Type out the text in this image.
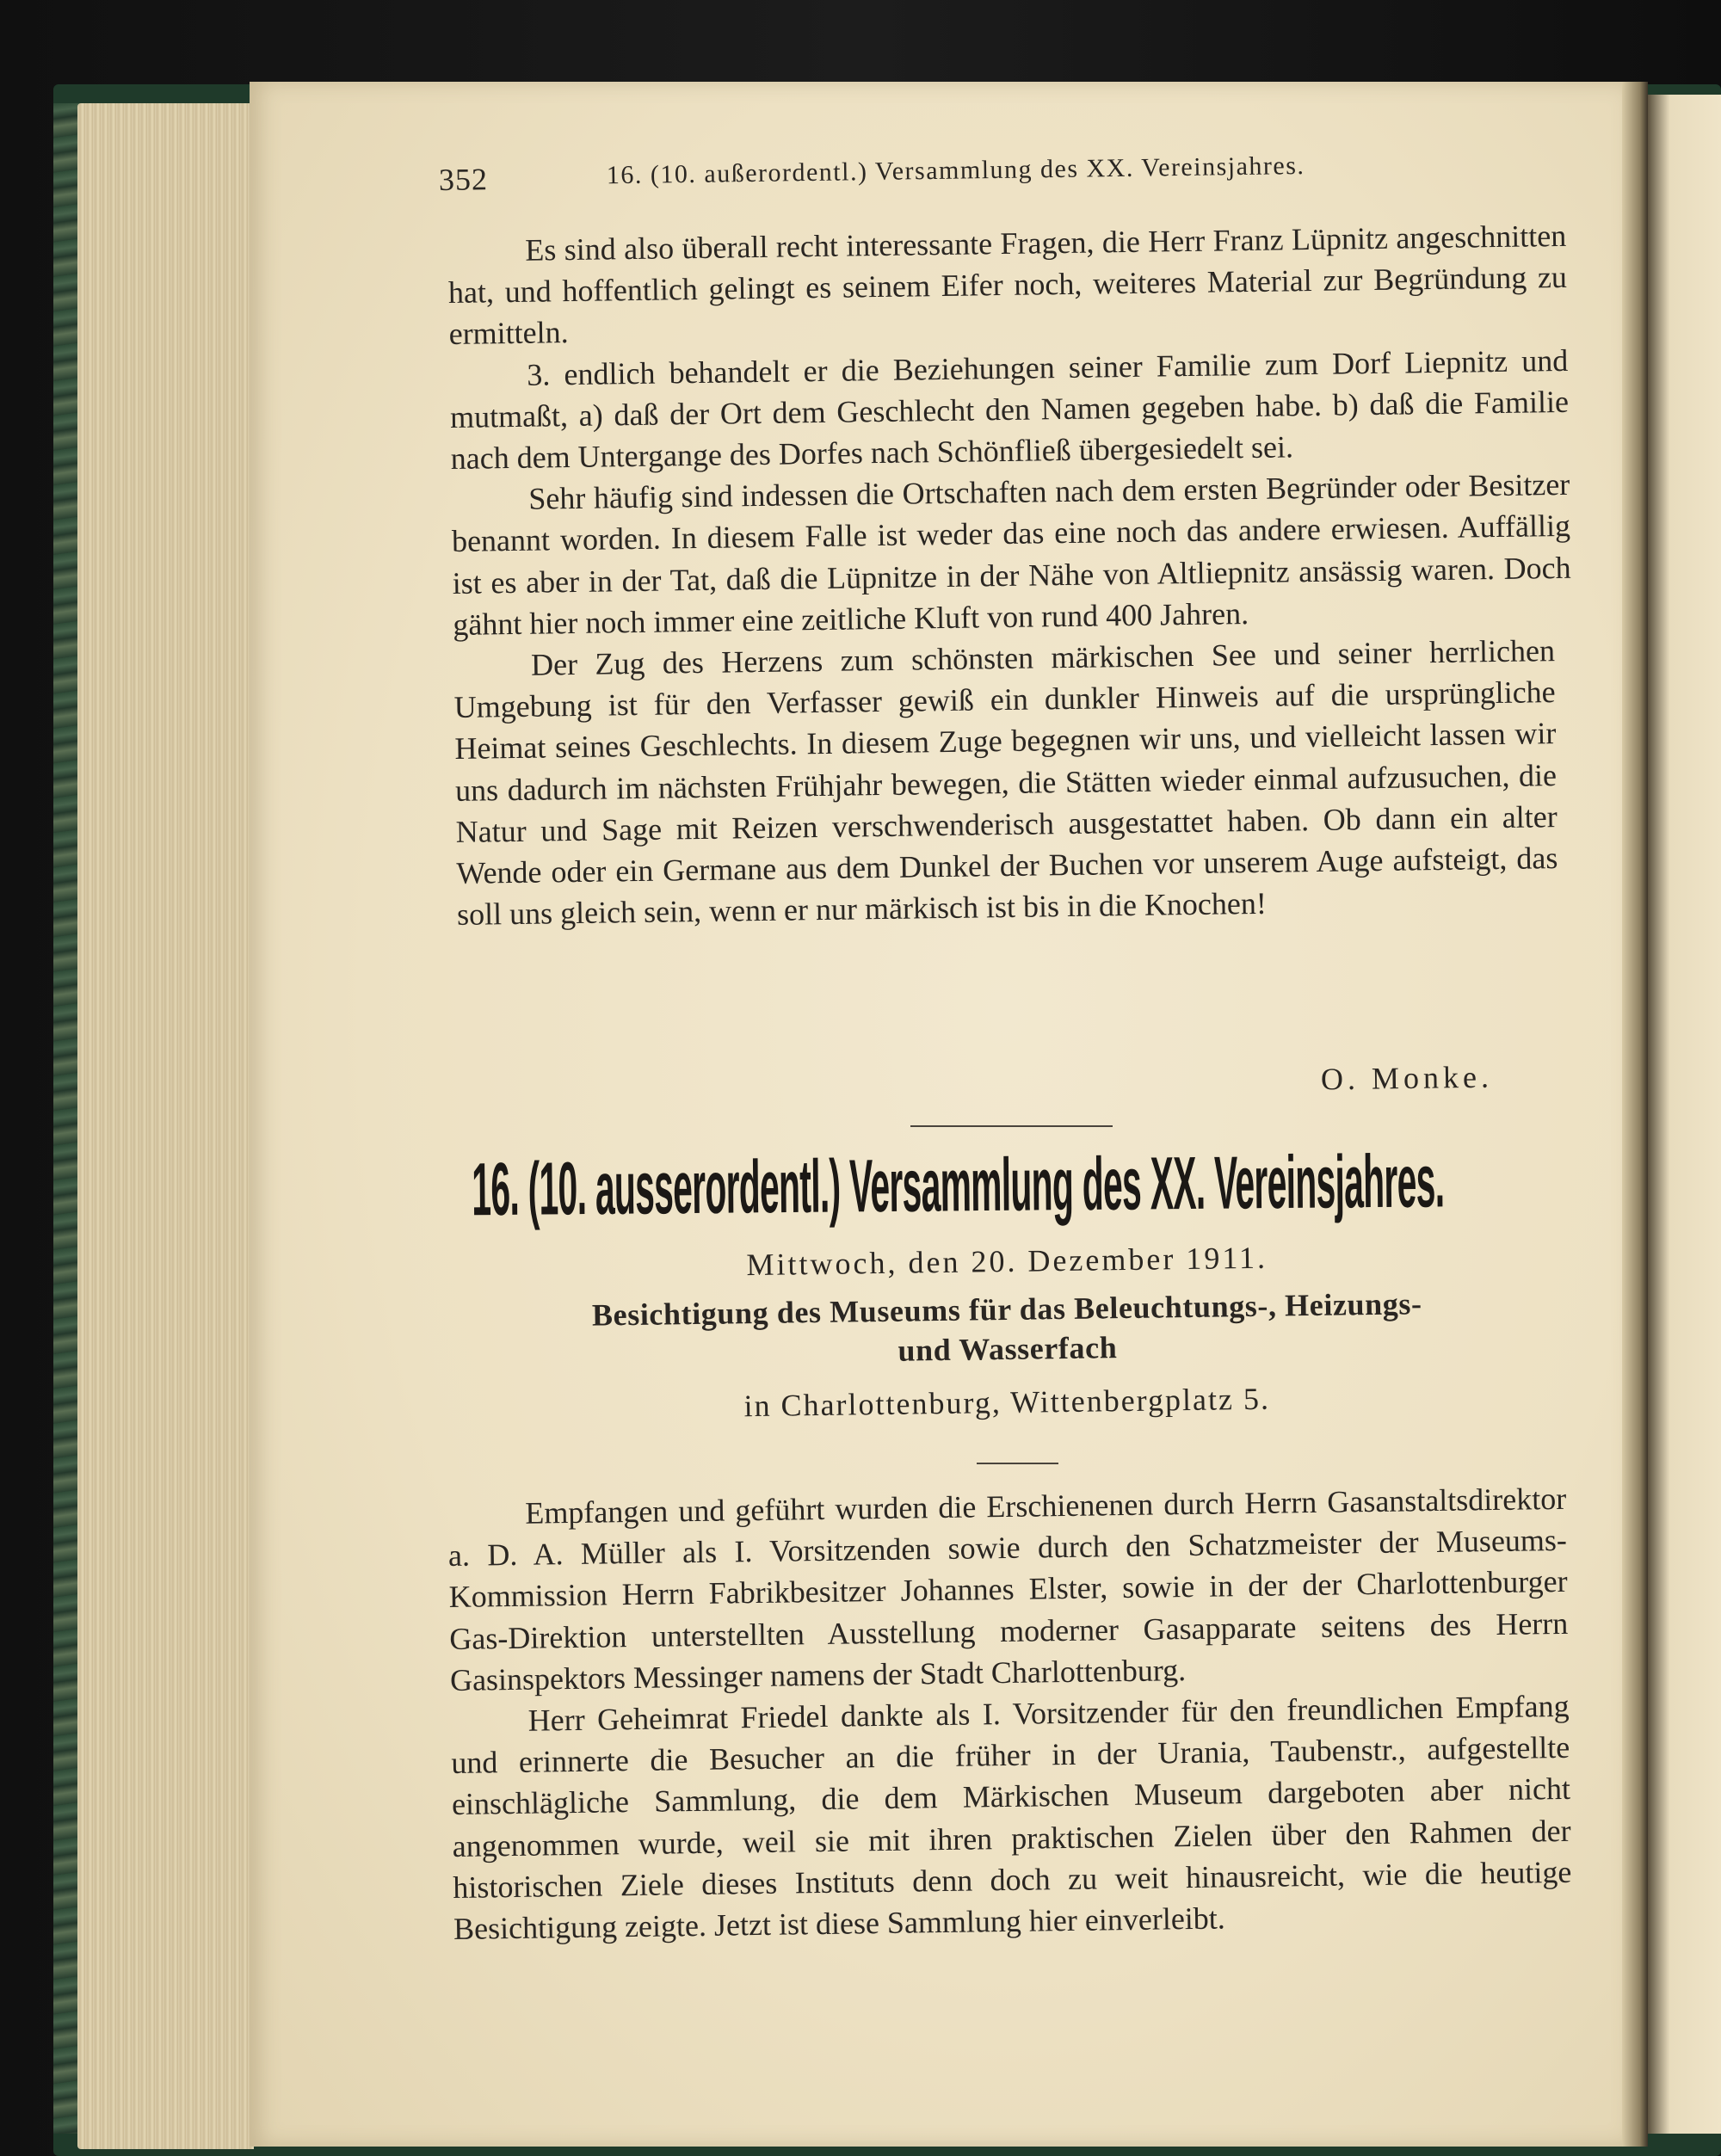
352	16. (10. außerordentl.) Versammlung des XX. Vereinsjahres.

Es sind also überall recht interessante Fragen, die Herr Franz Lüpnitz angeschnitten hat, und hoffentlich gelingt es seinem Eifer noch, weiteres Material zur Begründung zu ermitteln.

3. endlich behandelt er die Beziehungen seiner Familie zum Dorf Liepnitz und mutmaßt, a) daß der Ort dem Geschlecht den Namen gegeben habe. b) daß die Familie nach dem Untergange des Dorfes nach Schönfließ übergesiedelt sei.

Sehr häufig sind indessen die Ortschaften nach dem ersten Begründer oder Besitzer benannt worden. In diesem Falle ist weder das eine noch das andere erwiesen. Auffällig ist es aber in der Tat, daß die Lüpnitze in der Nähe von Altliepnitz ansässig waren. Doch gähnt hier noch immer eine zeitliche Kluft von rund 400 Jahren.

Der Zug des Herzens zum schönsten märkischen See und seiner herrlichen Umgebung ist für den Verfasser gewiß ein dunkler Hinweis auf die ursprüngliche Heimat seines Geschlechts. In diesem Zuge begegnen wir uns, und vielleicht lassen wir uns dadurch im nächsten Frühjahr bewegen, die Stätten wieder einmal aufzusuchen, die Natur und Sage mit Reizen verschwenderisch ausgestattet haben. Ob dann ein alter Wende oder ein Germane aus dem Dunkel der Buchen vor unserem Auge aufsteigt, das soll uns gleich sein, wenn er nur märkisch ist bis in die Knochen!

O. Monke.
16. (10. ausserordentl.) Versammlung des XX. Vereinsjahres.
Mittwoch, den 20. Dezember 1911.
Besichtigung des Museums für das Beleuchtungs-, Heizungs-
und Wasserfach
in Charlottenburg, Wittenbergplatz 5.

Empfangen und geführt wurden die Erschienenen durch Herrn Gasanstaltsdirektor a. D. A. Müller als I. Vorsitzenden sowie durch den Schatzmeister der Museums-Kommission Herrn Fabrikbesitzer Johannes Elster, sowie in der der Charlottenburger Gas-Direktion unterstellten Ausstellung moderner Gasapparate seitens des Herrn Gasinspektors Messinger namens der Stadt Charlottenburg.

Herr Geheimrat Friedel dankte als I. Vorsitzender für den freundlichen Empfang und erinnerte die Besucher an die früher in der Urania, Taubenstr., aufgestellte einschlägliche Sammlung, die dem Märkischen Museum dargeboten aber nicht angenommen wurde, weil sie mit ihren praktischen Zielen über den Rahmen der historischen Ziele dieses Instituts denn doch zu weit hinausreicht, wie die heutige Besichtigung zeigte. Jetzt ist diese Sammlung hier einverleibt.
